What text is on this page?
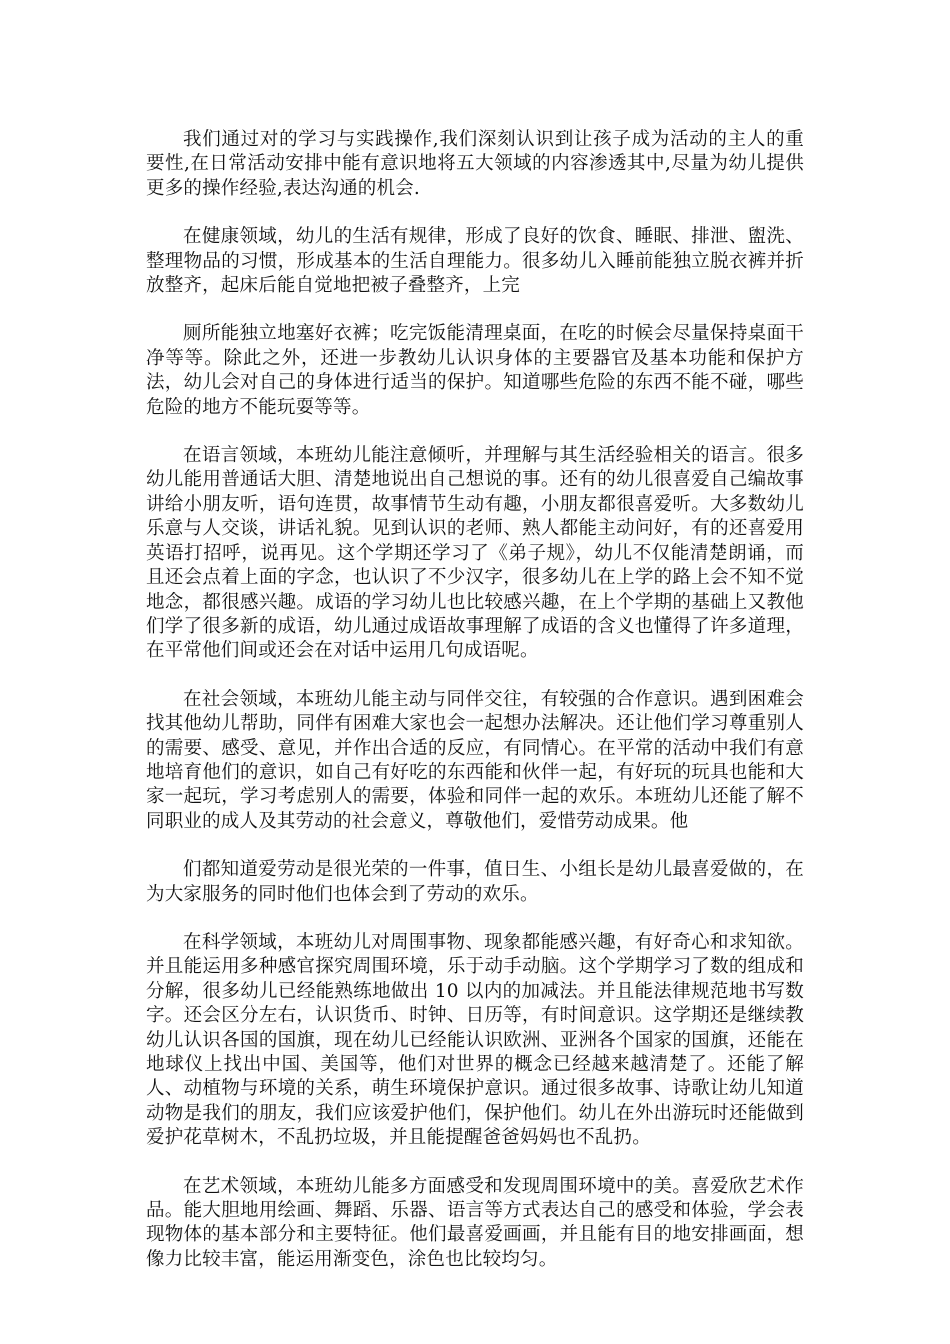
我们通过对的学习与实践操作,我们深刻认识到让孩子成为活动的主人的重要性,在日常活动安排中能有意识地将五大领域的内容渗透其中,尽量为幼儿提供更多的操作经验,表达沟通的机会.

在健康领域，幼儿的生活有规律，形成了良好的饮食、睡眠、排泄、盥洗、整理物品的习惯，形成基本的生活自理能力。很多幼儿入睡前能独立脱衣裤并折放整齐，起床后能自觉地把被子叠整齐，上完

厕所能独立地塞好衣裤；吃完饭能清理桌面，在吃的时候会尽量保持桌面干净等等。除此之外，还进一步教幼儿认识身体的主要器官及基本功能和保护方法，幼儿会对自己的身体进行适当的保护。知道哪些危险的东西不能不碰，哪些危险的地方不能玩耍等等。

在语言领域，本班幼儿能注意倾听，并理解与其生活经验相关的语言。很多幼儿能用普通话大胆、清楚地说出自己想说的事。还有的幼儿很喜爱自己编故事讲给小朋友听，语句连贯，故事情节生动有趣，小朋友都很喜爱听。大多数幼儿乐意与人交谈，讲话礼貌。见到认识的老师、熟人都能主动问好，有的还喜爱用英语打招呼，说再见。这个学期还学习了《弟子规》，幼儿不仅能清楚朗诵，而且还会点着上面的字念，也认识了不少汉字，很多幼儿在上学的路上会不知不觉地念，都很感兴趣。成语的学习幼儿也比较感兴趣，在上个学期的基础上又教他们学了很多新的成语，幼儿通过成语故事理解了成语的含义也懂得了许多道理，在平常他们间或还会在对话中运用几句成语呢。

在社会领域，本班幼儿能主动与同伴交往，有较强的合作意识。遇到困难会找其他幼儿帮助，同伴有困难大家也会一起想办法解决。还让他们学习尊重别人的需要、感受、意见，并作出合适的反应，有同情心。在平常的活动中我们有意地培育他们的意识，如自己有好吃的东西能和伙伴一起，有好玩的玩具也能和大家一起玩，学习考虑别人的需要，体验和同伴一起的欢乐。本班幼儿还能了解不同职业的成人及其劳动的社会意义，尊敬他们，爱惜劳动成果。他

们都知道爱劳动是很光荣的一件事，值日生、小组长是幼儿最喜爱做的，在为大家服务的同时他们也体会到了劳动的欢乐。

在科学领域，本班幼儿对周围事物、现象都能感兴趣，有好奇心和求知欲。并且能运用多种感官探究周围环境，乐于动手动脑。这个学期学习了数的组成和分解，很多幼儿已经能熟练地做出 10 以内的加减法。并且能法律规范地书写数字。还会区分左右，认识货币、时钟、日历等，有时间意识。这学期还是继续教幼儿认识各国的国旗，现在幼儿已经能认识欧洲、亚洲各个国家的国旗，还能在地球仪上找出中国、美国等，他们对世界的概念已经越来越清楚了。还能了解人、动植物与环境的关系，萌生环境保护意识。通过很多故事、诗歌让幼儿知道动物是我们的朋友，我们应该爱护他们，保护他们。幼儿在外出游玩时还能做到爱护花草树木，不乱扔垃圾，并且能提醒爸爸妈妈也不乱扔。

在艺术领域，本班幼儿能多方面感受和发现周围环境中的美。喜爱欣艺术作品。能大胆地用绘画、舞蹈、乐器、语言等方式表达自己的感受和体验，学会表现物体的基本部分和主要特征。他们最喜爱画画，并且能有目的地安排画面，想像力比较丰富，能运用渐变色，涂色也比较均匀。
